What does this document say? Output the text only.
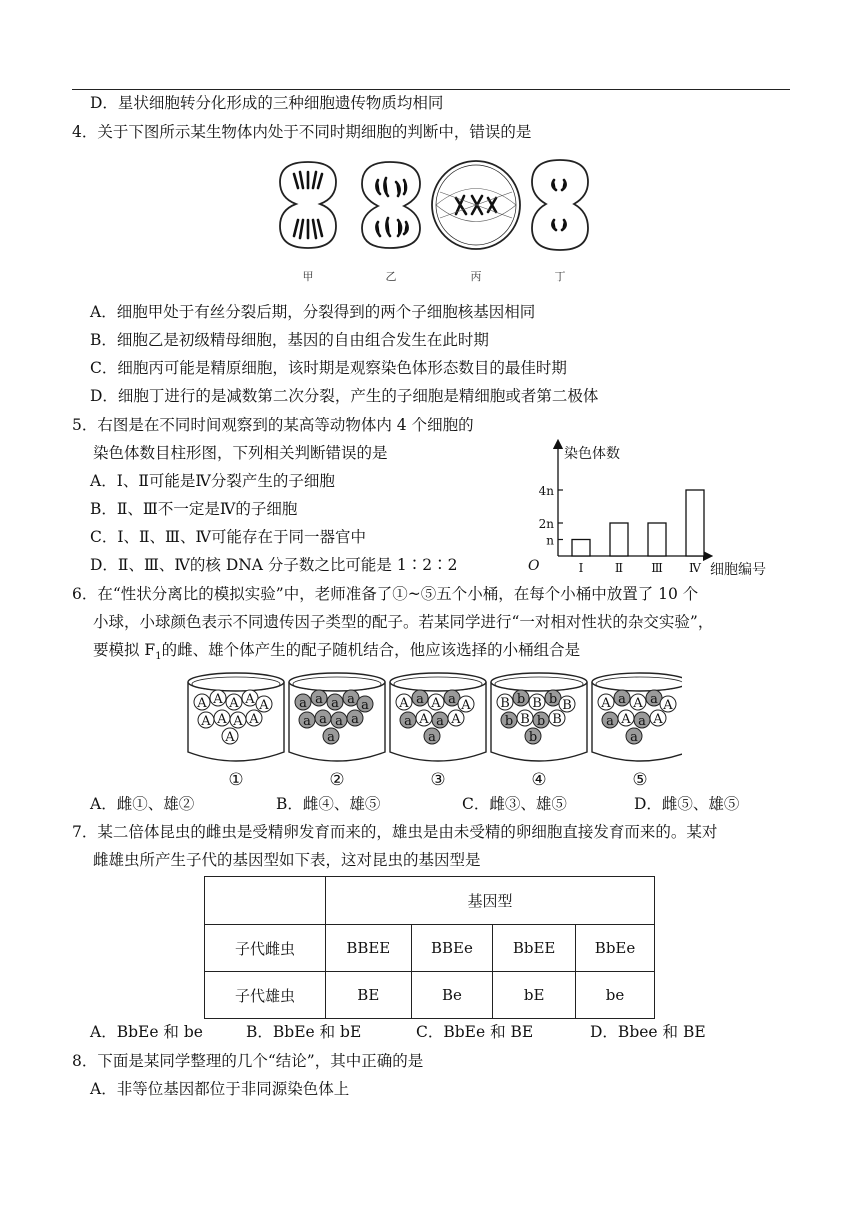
D．星状细胞转分化形成的三种细胞遗传物质均相同
4．关于下图所示某生物体内处于不同时期细胞的判断中，错误的是
甲	乙	丙	丁
A．细胞甲处于有丝分裂后期，分裂得到的两个子细胞核基因相同
B．细胞乙是初级精母细胞，基因的自由组合发生在此时期
C．细胞丙可能是精原细胞，该时期是观察染色体形态数目的最佳时期
D．细胞丁进行的是减数第二次分裂，产生的子细胞是精细胞或者第二极体
5．右图是在不同时间观察到的某高等动物体内 4 个细胞的
染色体数目柱形图，下列相关判断错误的是
A．Ⅰ、Ⅱ可能是Ⅳ分裂产生的子细胞
B．Ⅱ、Ⅲ不一定是Ⅳ的子细胞
C．Ⅰ、Ⅱ、Ⅲ、Ⅳ可能存在于同一器官中
D．Ⅱ、Ⅲ、Ⅳ的核 DNA 分子数之比可能是 1∶2∶2
染色体数
细胞编号
O
n
2n
4n
Ⅰ	Ⅱ Ⅲ Ⅳ
6．在“性状分离比的模拟实验”中，老师准备了①~⑤五个小桶，在每个小桶中放置了 10 个
小球，小球颜色表示不同遗传因子类型的配子。若某同学进行“一对相对性状的杂交实验”，
要模拟 $F_1$的雌、雄个体产生的配子随机结合，他应该选择的小桶组合是
A A A A A
A A A A
A
①
a a a a a
a a a a
a
②
A a A a A
a A a A
a
③
B b B b B
b B b B
b
④
A a A a A
a A a A
a
⑤
A．雌①、雄②	B．雌④、雄⑤	C．雌③、雄⑤	D．雌⑤、雄⑤
7．某二倍体昆虫的雌虫是受精卵发育而来的，雄虫是由未受精的卵细胞直接发育而来的。某对
雌雄虫所产生子代的基因型如下表，这对昆虫的基因型是
	基因型			
子代雌虫	BBEE	BBEe	BbEE	BbEe
子代雄虫	BE	Be	bE	be
A．BbEe 和 be	B．BbEe 和 bE	C．BbEe 和 BE	D．Bbee 和 BE
8．下面是某同学整理的几个“结论”，其中正确的是
A．非等位基因都位于非同源染色体上
